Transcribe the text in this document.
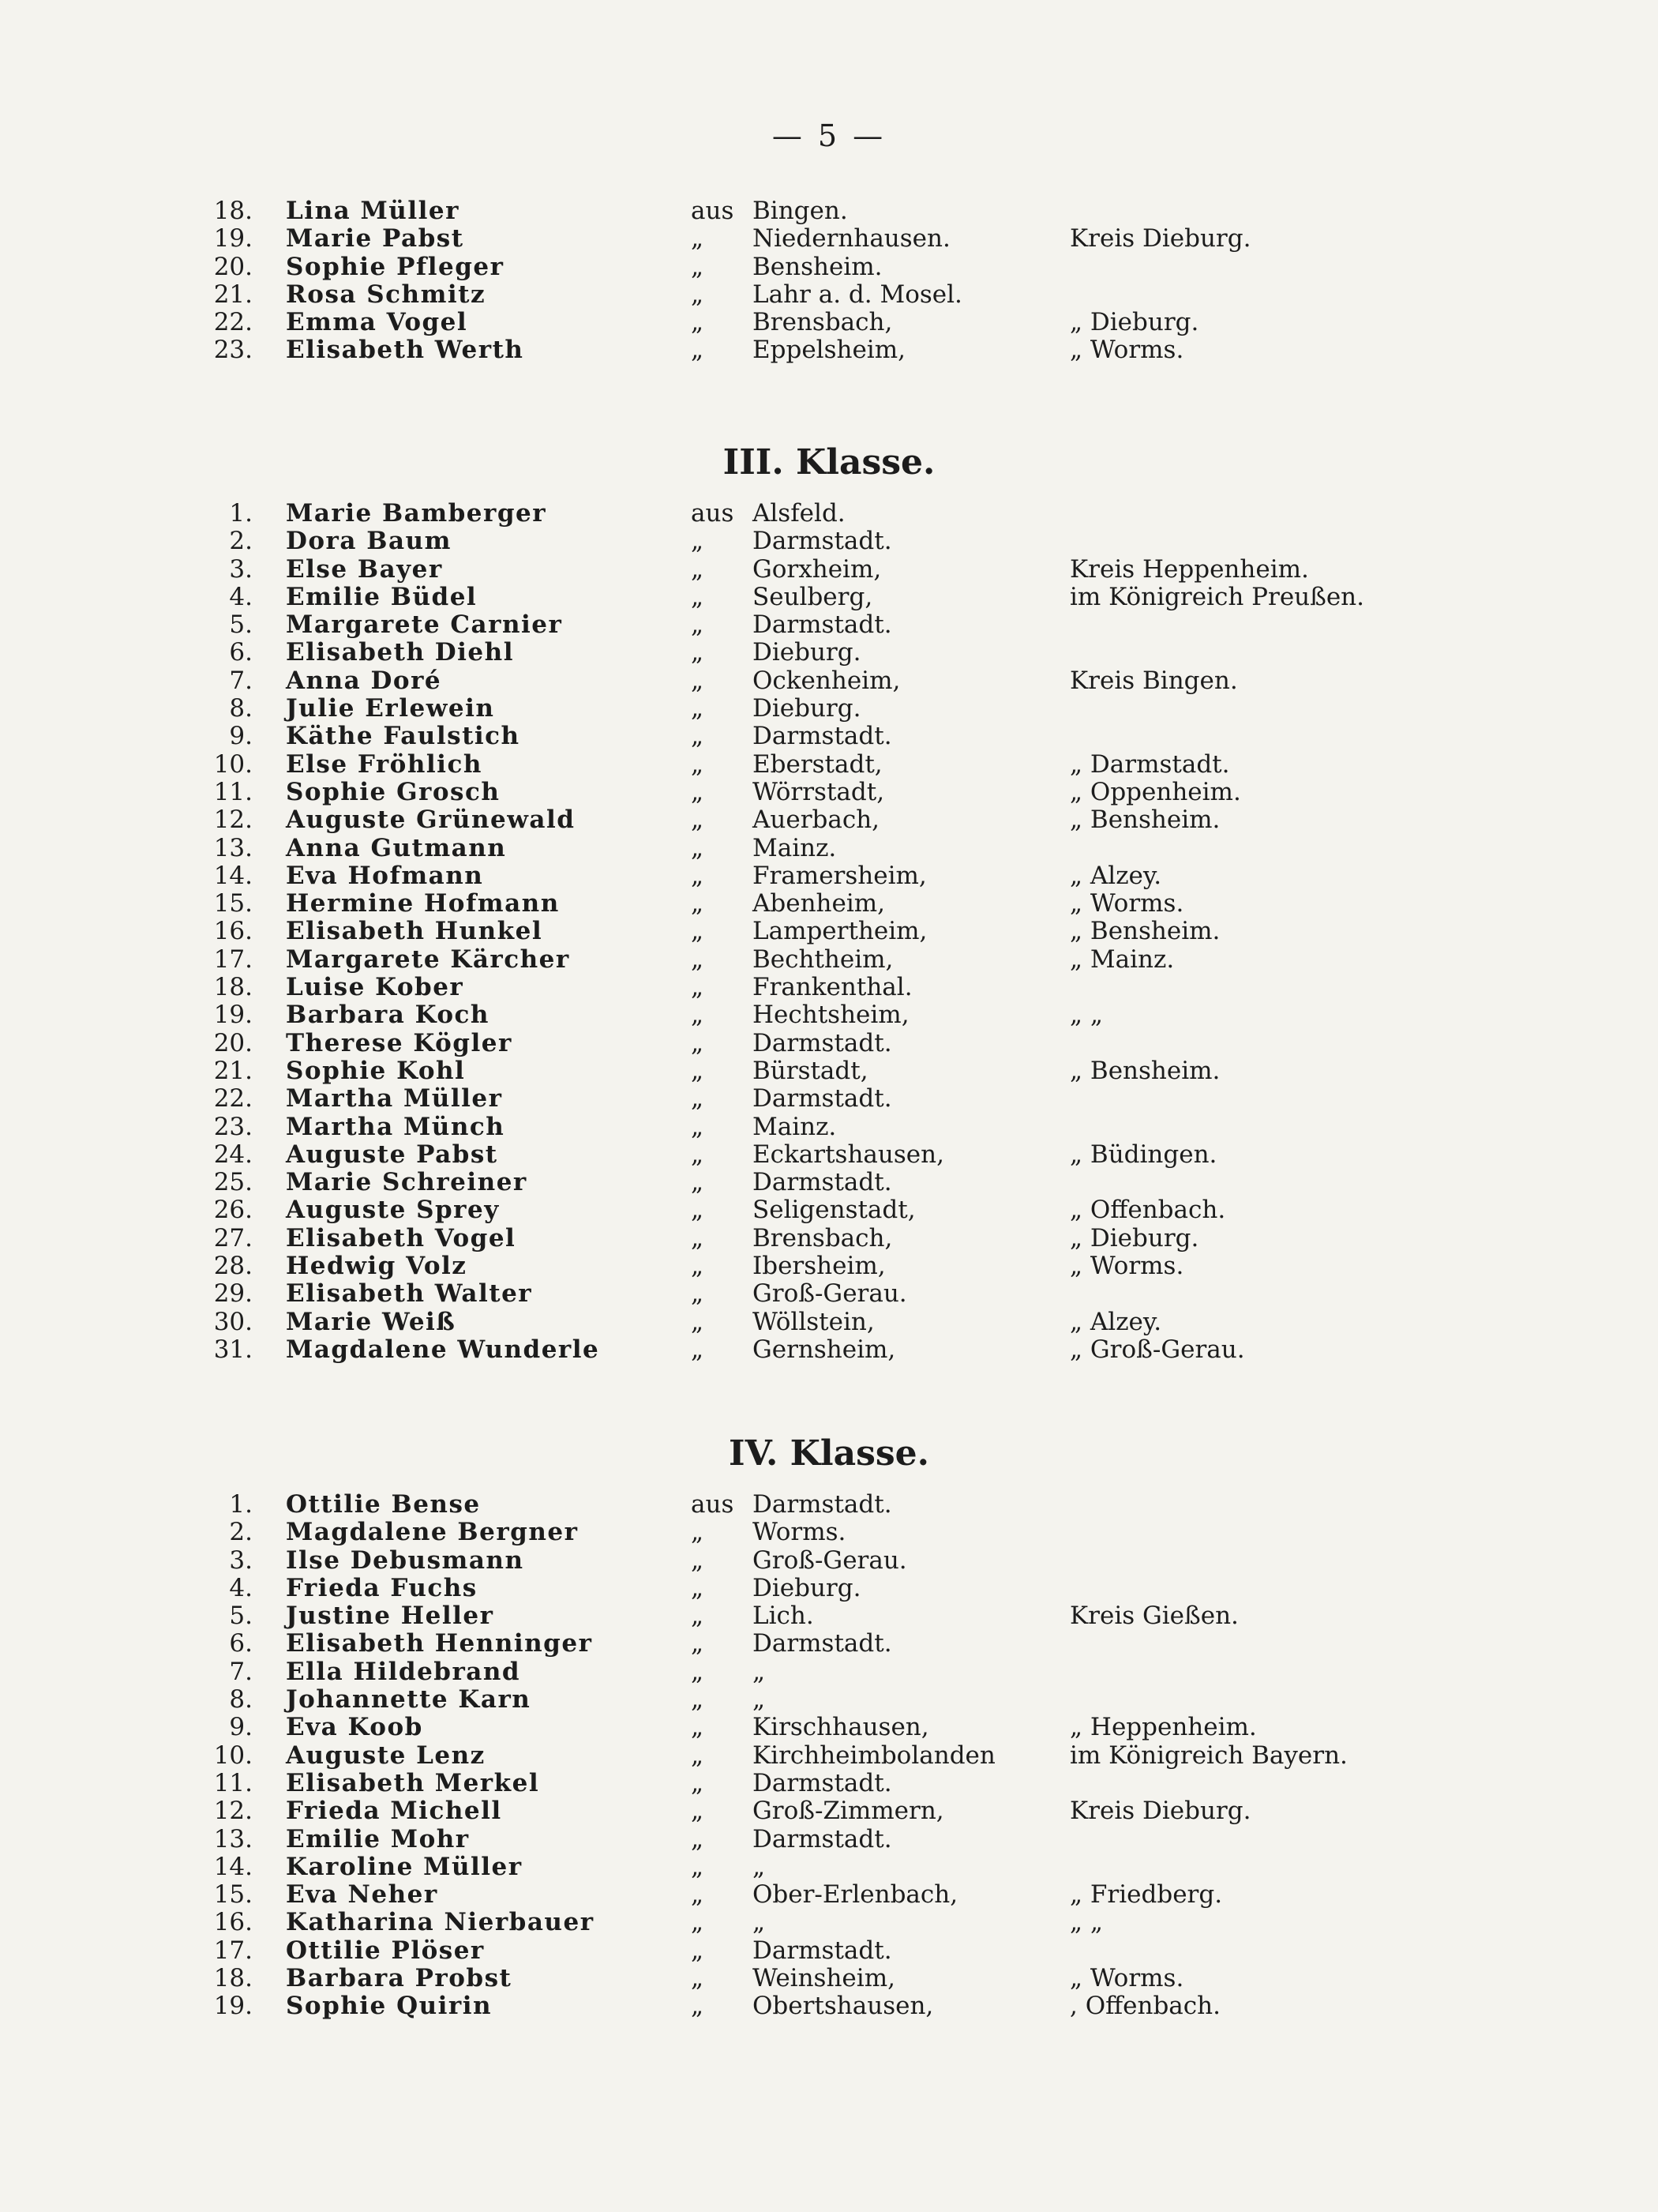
— 5 —
18. Lina Müller	aus Bingen.
19. Marie Pabst	„	Niedernhausen.	Kreis Dieburg.
20. Sophie Pfleger	„	Bensheim.
21. Rosa Schmitz	„	Lahr a. d. Mosel.
22. Emma Vogel	„	Brensbach,	„ Dieburg.
23. Elisabeth Werth	„	Eppelsheim,	„ Worms.
III. Klasse.
1. Marie Bamberger	aus Alsfeld.
2. Dora Baum	„	Darmstadt.
3. Else Bayer	„	Gorxheim,	Kreis Heppenheim.
4. Emilie Büdel	„	Seulberg,	im Königreich Preußen.
5. Margarete Carnier	„	Darmstadt.
6. Elisabeth Diehl	„	Dieburg.
7. Anna Doré	„	Ockenheim,	Kreis Bingen.
8. Julie Erlewein	„	Dieburg.
9. Käthe Faulstich	„	Darmstadt.
10. Else Fröhlich	„	Eberstadt,	„ Darmstadt.
11. Sophie Grosch	„	Wörrstadt,	„ Oppenheim.
12. Auguste Grünewald	„	Auerbach,	„ Bensheim.
13. Anna Gutmann	„	Mainz.
14. Eva Hofmann	„	Framersheim,	„ Alzey.
15. Hermine Hofmann	„	Abenheim,	„ Worms.
16. Elisabeth Hunkel	„	Lampertheim,	„ Bensheim.
17. Margarete Kärcher	„	Bechtheim,	„ Mainz.
18. Luise Kober	„	Frankenthal.
19. Barbara Koch	„	Hechtsheim,	„ „
20. Therese Kögler	„	Darmstadt.
21. Sophie Kohl	„	Bürstadt,	„ Bensheim.
22. Martha Müller	„	Darmstadt.
23. Martha Münch	„	Mainz.
24. Auguste Pabst	„	Eckartshausen,	„ Büdingen.
25. Marie Schreiner	„	Darmstadt.
26. Auguste Sprey	„	Seligenstadt,	„ Offenbach.
27. Elisabeth Vogel	„	Brensbach,	„ Dieburg.
28. Hedwig Volz	„	Ibersheim,	„ Worms.
29. Elisabeth Walter	„	Groß-Gerau.
30. Marie Weiß	„	Wöllstein,	„ Alzey.
31. Magdalene Wunderle	„	Gernsheim,	„ Groß-Gerau.
IV. Klasse.
1. Ottilie Bense	aus Darmstadt.
2. Magdalene Bergner	„	Worms.
3. Ilse Debusmann	„	Groß-Gerau.
4. Frieda Fuchs	„	Dieburg.
5. Justine Heller	„	Lich.	Kreis Gießen.
6. Elisabeth Henninger	„	Darmstadt.
7. Ella Hildebrand	„	„
8. Johannette Karn	„	„
9. Eva Koob	„	Kirschhausen,	„ Heppenheim.
10. Auguste Lenz	„	Kirchheimbolanden	im Königreich Bayern.
11. Elisabeth Merkel	„	Darmstadt.
12. Frieda Michell	„	Groß-Zimmern,	Kreis Dieburg.
13. Emilie Mohr	„	Darmstadt.
14. Karoline Müller	„	„
15. Eva Neher	„	Ober-Erlenbach,	„ Friedberg.
16. Katharina Nierbauer	„	„	„ „
17. Ottilie Plöser	„	Darmstadt.
18. Barbara Probst	„	Weinsheim,	„ Worms.
19. Sophie Quirin	„	Obertshausen,	, Offenbach.
